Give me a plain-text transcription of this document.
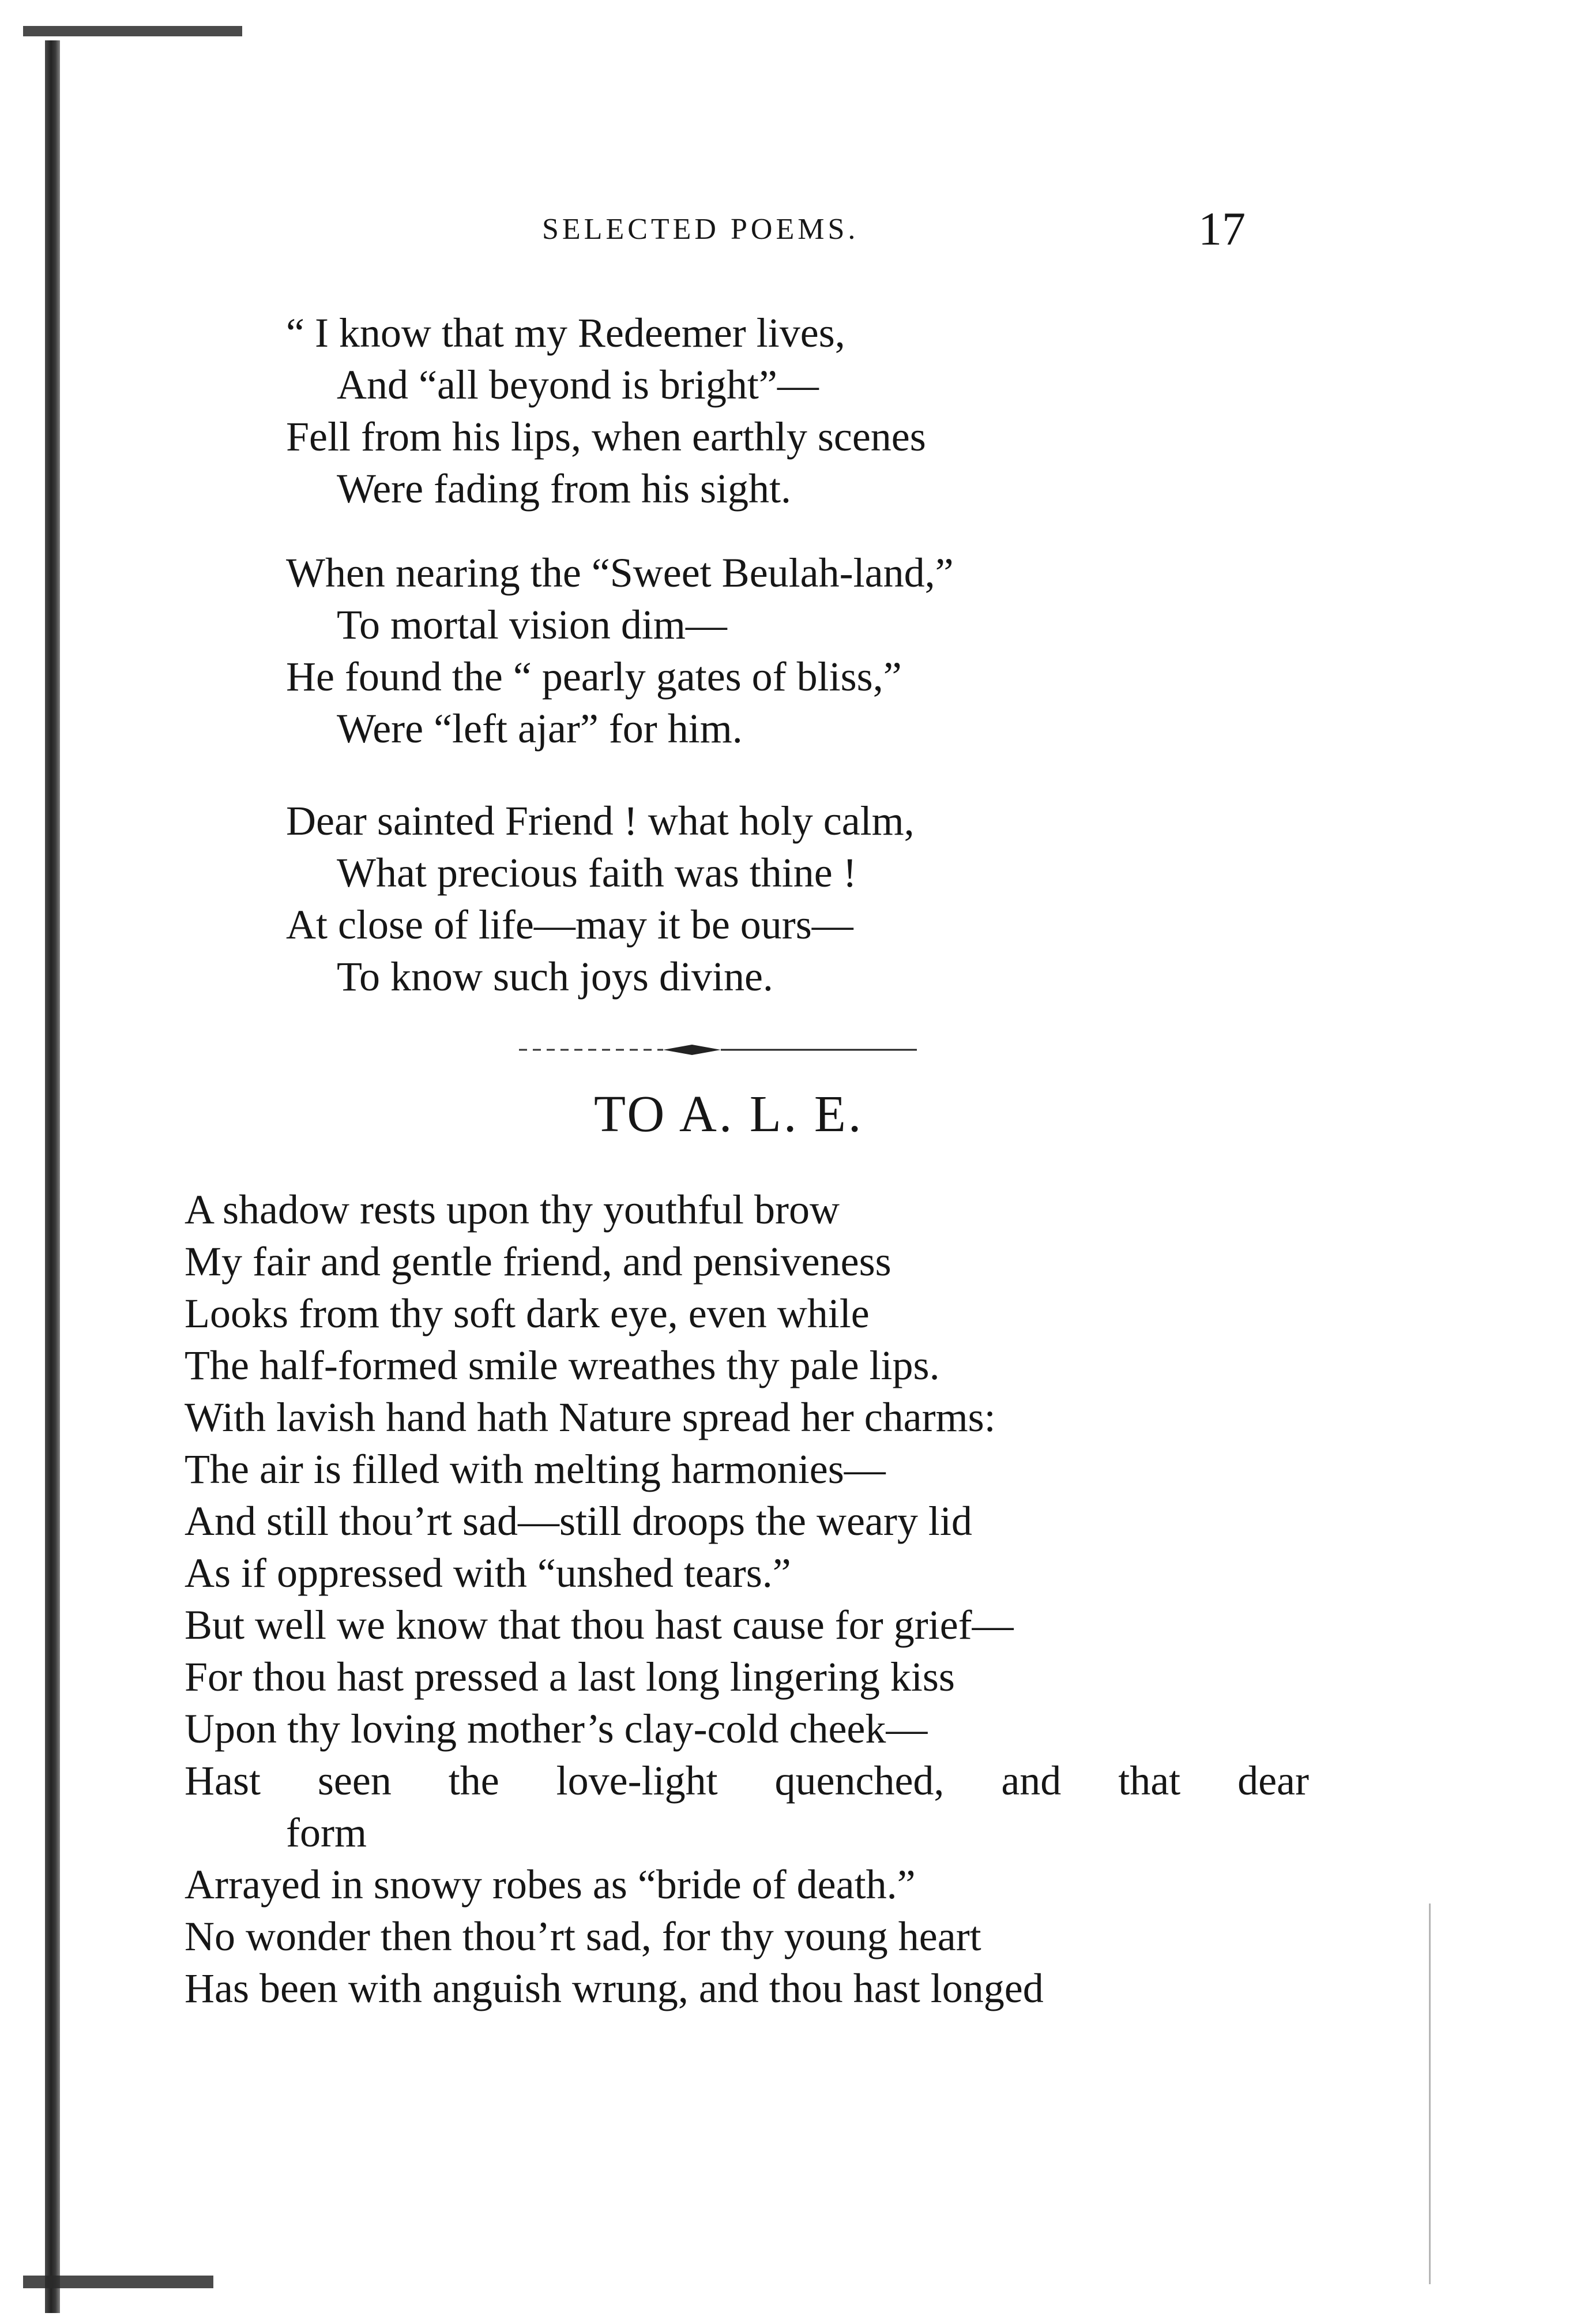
SELECTED POEMS.	17
“ I know that my Redeemer lives,
And “all beyond is bright”—
Fell from his lips, when earthly scenes
Were fading from his sight.
When nearing the “Sweet Beulah-land,”
To mortal vision dim—
He found the “ pearly gates of bliss,”
Were “left ajar” for him.
Dear sainted Friend ! what holy calm,
What precious faith was thine !
At close of life—may it be ours—
To know such joys divine.
TO A. L. E.
A shadow rests upon thy youthful brow
My fair and gentle friend, and pensiveness
Looks from thy soft dark eye, even while
The half-formed smile wreathes thy pale lips.
With lavish hand hath Nature spread her charms:
The air is filled with melting harmonies—
And still thou’rt sad—still droops the weary lid
As if oppressed with “unshed tears.”
But well we know that thou hast cause for grief—
For thou hast pressed a last long lingering kiss
Upon thy loving mother’s clay-cold cheek—
Hast seen the love-light quenched, and that dear
form
Arrayed in snowy robes as “bride of death.”
No wonder then thou’rt sad, for thy young heart
Has been with anguish wrung, and thou hast longed
